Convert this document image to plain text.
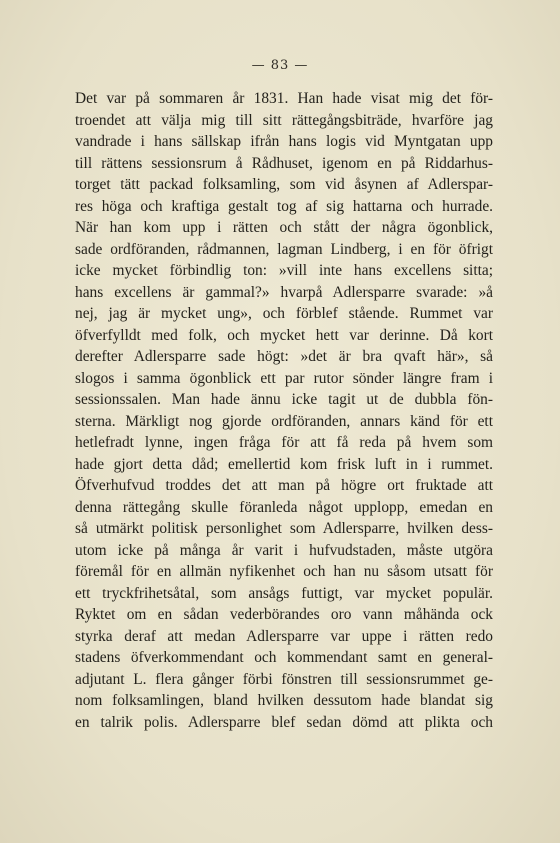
— 83 —
Det var på sommaren år 1831. Han hade visat mig det för-
troendet att välja mig till sitt rättegångsbiträde, hvarföre jag
vandrade i hans sällskap ifrån hans logis vid Myntgatan upp
till rättens sessionsrum å Rådhuset, igenom en på Riddarhus-
torget tätt packad folksamling, som vid åsynen af Adlerspar-
res höga och kraftiga gestalt tog af sig hattarna och hurrade.
När han kom upp i rätten och stått der några ögonblick,
sade ordföranden, rådmannen, lagman Lindberg, i en för öfrigt
icke mycket förbindlig ton: »vill inte hans excellens sitta;
hans excellens är gammal?» hvarpå Adlersparre svarade: »å
nej, jag är mycket ung», och förblef stående. Rummet var
öfverfylldt med folk, och mycket hett var derinne. Då kort
derefter Adlersparre sade högt: »det är bra qvaft här», så
slogos i samma ögonblick ett par rutor sönder längre fram i
sessionssalen. Man hade ännu icke tagit ut de dubbla fön-
sterna. Märkligt nog gjorde ordföranden, annars känd för ett
hetlefradt lynne, ingen fråga för att få reda på hvem som
hade gjort detta dåd; emellertid kom frisk luft in i rummet.
Öfverhufvud troddes det att man på högre ort fruktade att
denna rättegång skulle föranleda något upplopp, emedan en
så utmärkt politisk personlighet som Adlersparre, hvilken dess-
utom icke på många år varit i hufvudstaden, måste utgöra
föremål för en allmän nyfikenhet och han nu såsom utsatt för
ett tryckfrihetsåtal, som ansågs futtigt, var mycket populär.
Ryktet om en sådan vederbörandes oro vann måhända ock
styrka deraf att medan Adlersparre var uppe i rätten redo
stadens öfverkommendant och kommendant samt en general-
adjutant L. flera gånger förbi fönstren till sessionsrummet ge-
nom folksamlingen, bland hvilken dessutom hade blandat sig
en talrik polis. Adlersparre blef sedan dömd att plikta och
